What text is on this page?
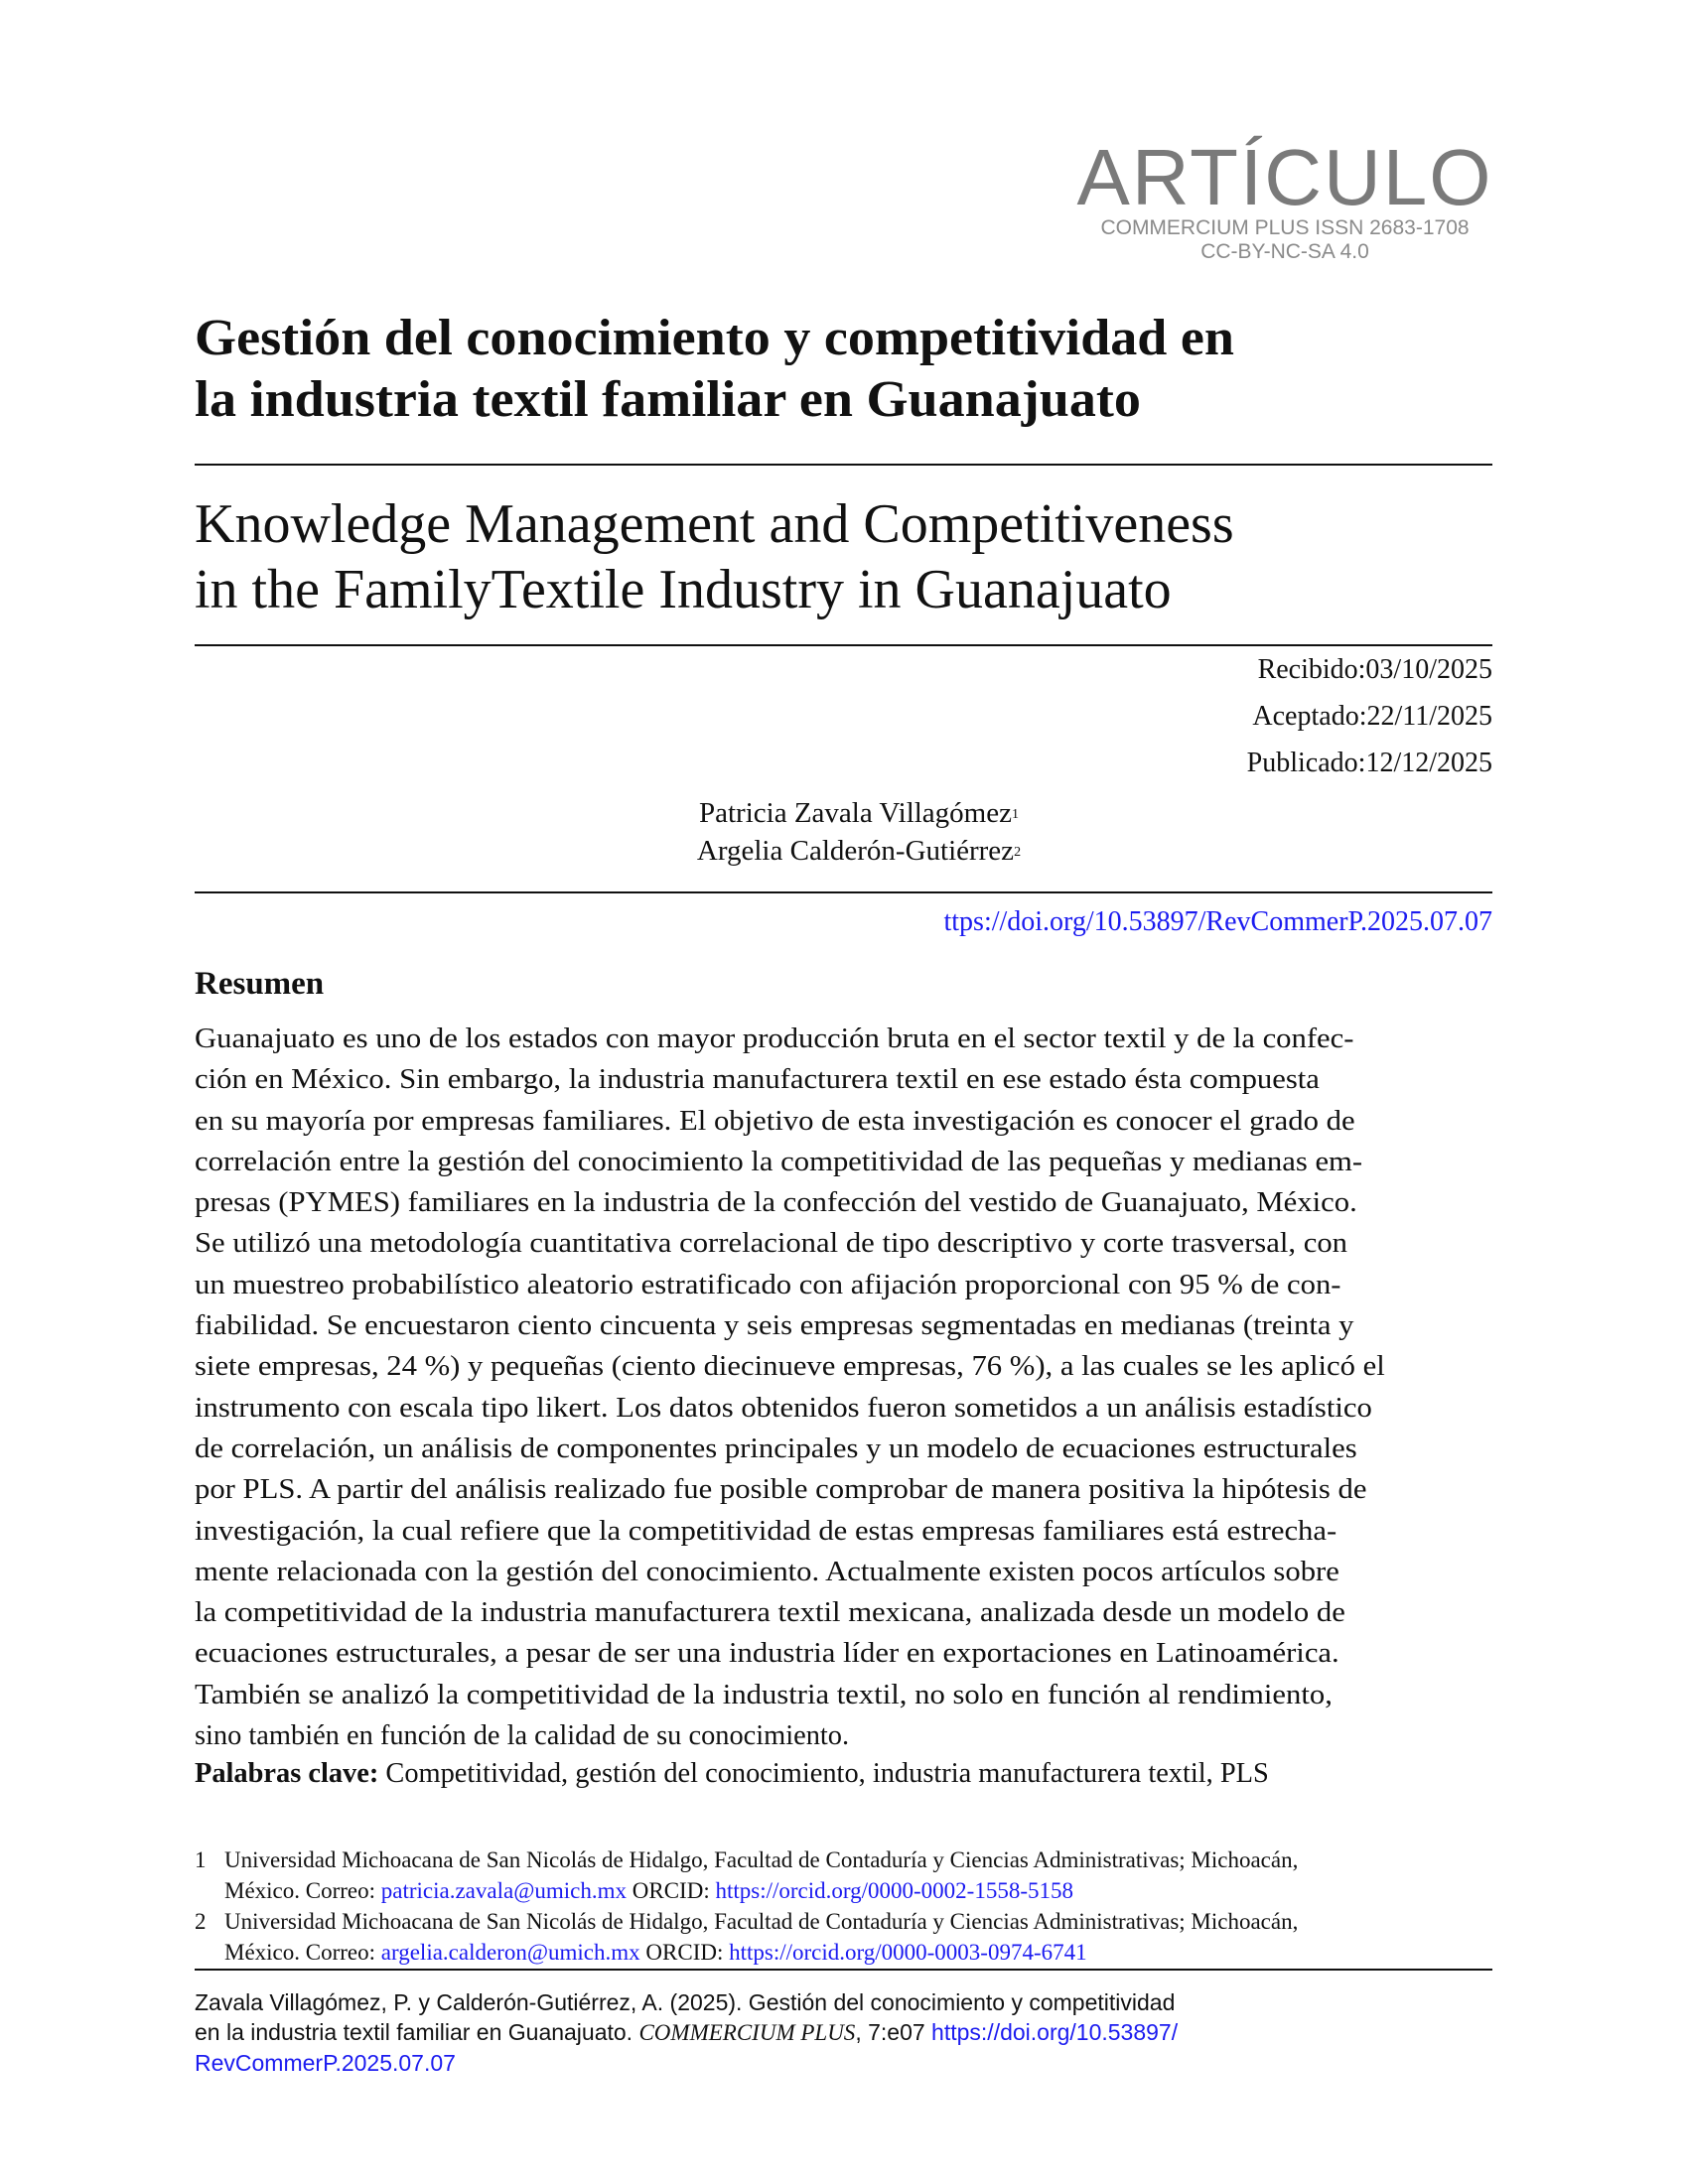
ARTÍCULO
COMMERCIUM PLUS ISSN 2683-1708
CC-BY-NC-SA 4.0
Gestión del conocimiento y competitividad en
la industria textil familiar en Guanajuato
Knowledge Management and Competitiveness
in the FamilyTextile Industry in Guanajuato
Recibido:03/10/2025
Aceptado:22/11/2025
Publicado:12/12/2025
Patricia Zavala Villagómez$^1$
Argelia Calderón-Gutiérrez$^2$
ttps://doi.org/10.53897/RevCommerP.2025.07.07
Resumen
Guanajuato es uno de los estados con mayor producción bruta en el sector textil y de la confec-
ción en México. Sin embargo, la industria manufacturera textil en ese estado ésta compuesta
en su mayoría por empresas familiares. El objetivo de esta investigación es conocer el grado de
correlación entre la gestión del conocimiento la competitividad de las pequeñas y medianas em-
presas (PYMES) familiares en la industria de la confección del vestido de Guanajuato, México.
Se utilizó una metodología cuantitativa correlacional de tipo descriptivo y corte trasversal, con
un muestreo probabilístico aleatorio estratificado con afijación proporcional con 95 % de con-
fiabilidad. Se encuestaron ciento cincuenta y seis empresas segmentadas en medianas (treinta y
siete empresas, 24 %) y pequeñas (ciento diecinueve empresas, 76 %), a las cuales se les aplicó el
instrumento con escala tipo likert. Los datos obtenidos fueron sometidos a un análisis estadístico
de correlación, un análisis de componentes principales y un modelo de ecuaciones estructurales
por PLS. A partir del análisis realizado fue posible comprobar de manera positiva la hipótesis de
investigación, la cual refiere que la competitividad de estas empresas familiares está estrecha-
mente relacionada con la gestión del conocimiento. Actualmente existen pocos artículos sobre
la competitividad de la industria manufacturera textil mexicana, analizada desde un modelo de
ecuaciones estructurales, a pesar de ser una industria líder en exportaciones en Latinoamérica.
También se analizó la competitividad de la industria textil, no solo en función al rendimiento,
sino también en función de la calidad de su conocimiento.
Palabras clave: Competitividad, gestión del conocimiento, industria manufacturera textil, PLS
1 Universidad Michoacana de San Nicolás de Hidalgo, Facultad de Contaduría y Ciencias Administrativas; Michoacán,
México. Correo: patricia.zavala@umich.mx ORCID: https://orcid.org/0000-0002-1558-5158
2 Universidad Michoacana de San Nicolás de Hidalgo, Facultad de Contaduría y Ciencias Administrativas; Michoacán,
México. Correo: argelia.calderon@umich.mx ORCID: https://orcid.org/0000-0003-0974-6741
Zavala Villagómez, P. y Calderón-Gutiérrez, A. (2025). Gestión del conocimiento y competitividad
en la industria textil familiar en Guanajuato. COMMERCIUM PLUS, 7:e07 https://doi.org/10.53897/
RevCommerP.2025.07.07
